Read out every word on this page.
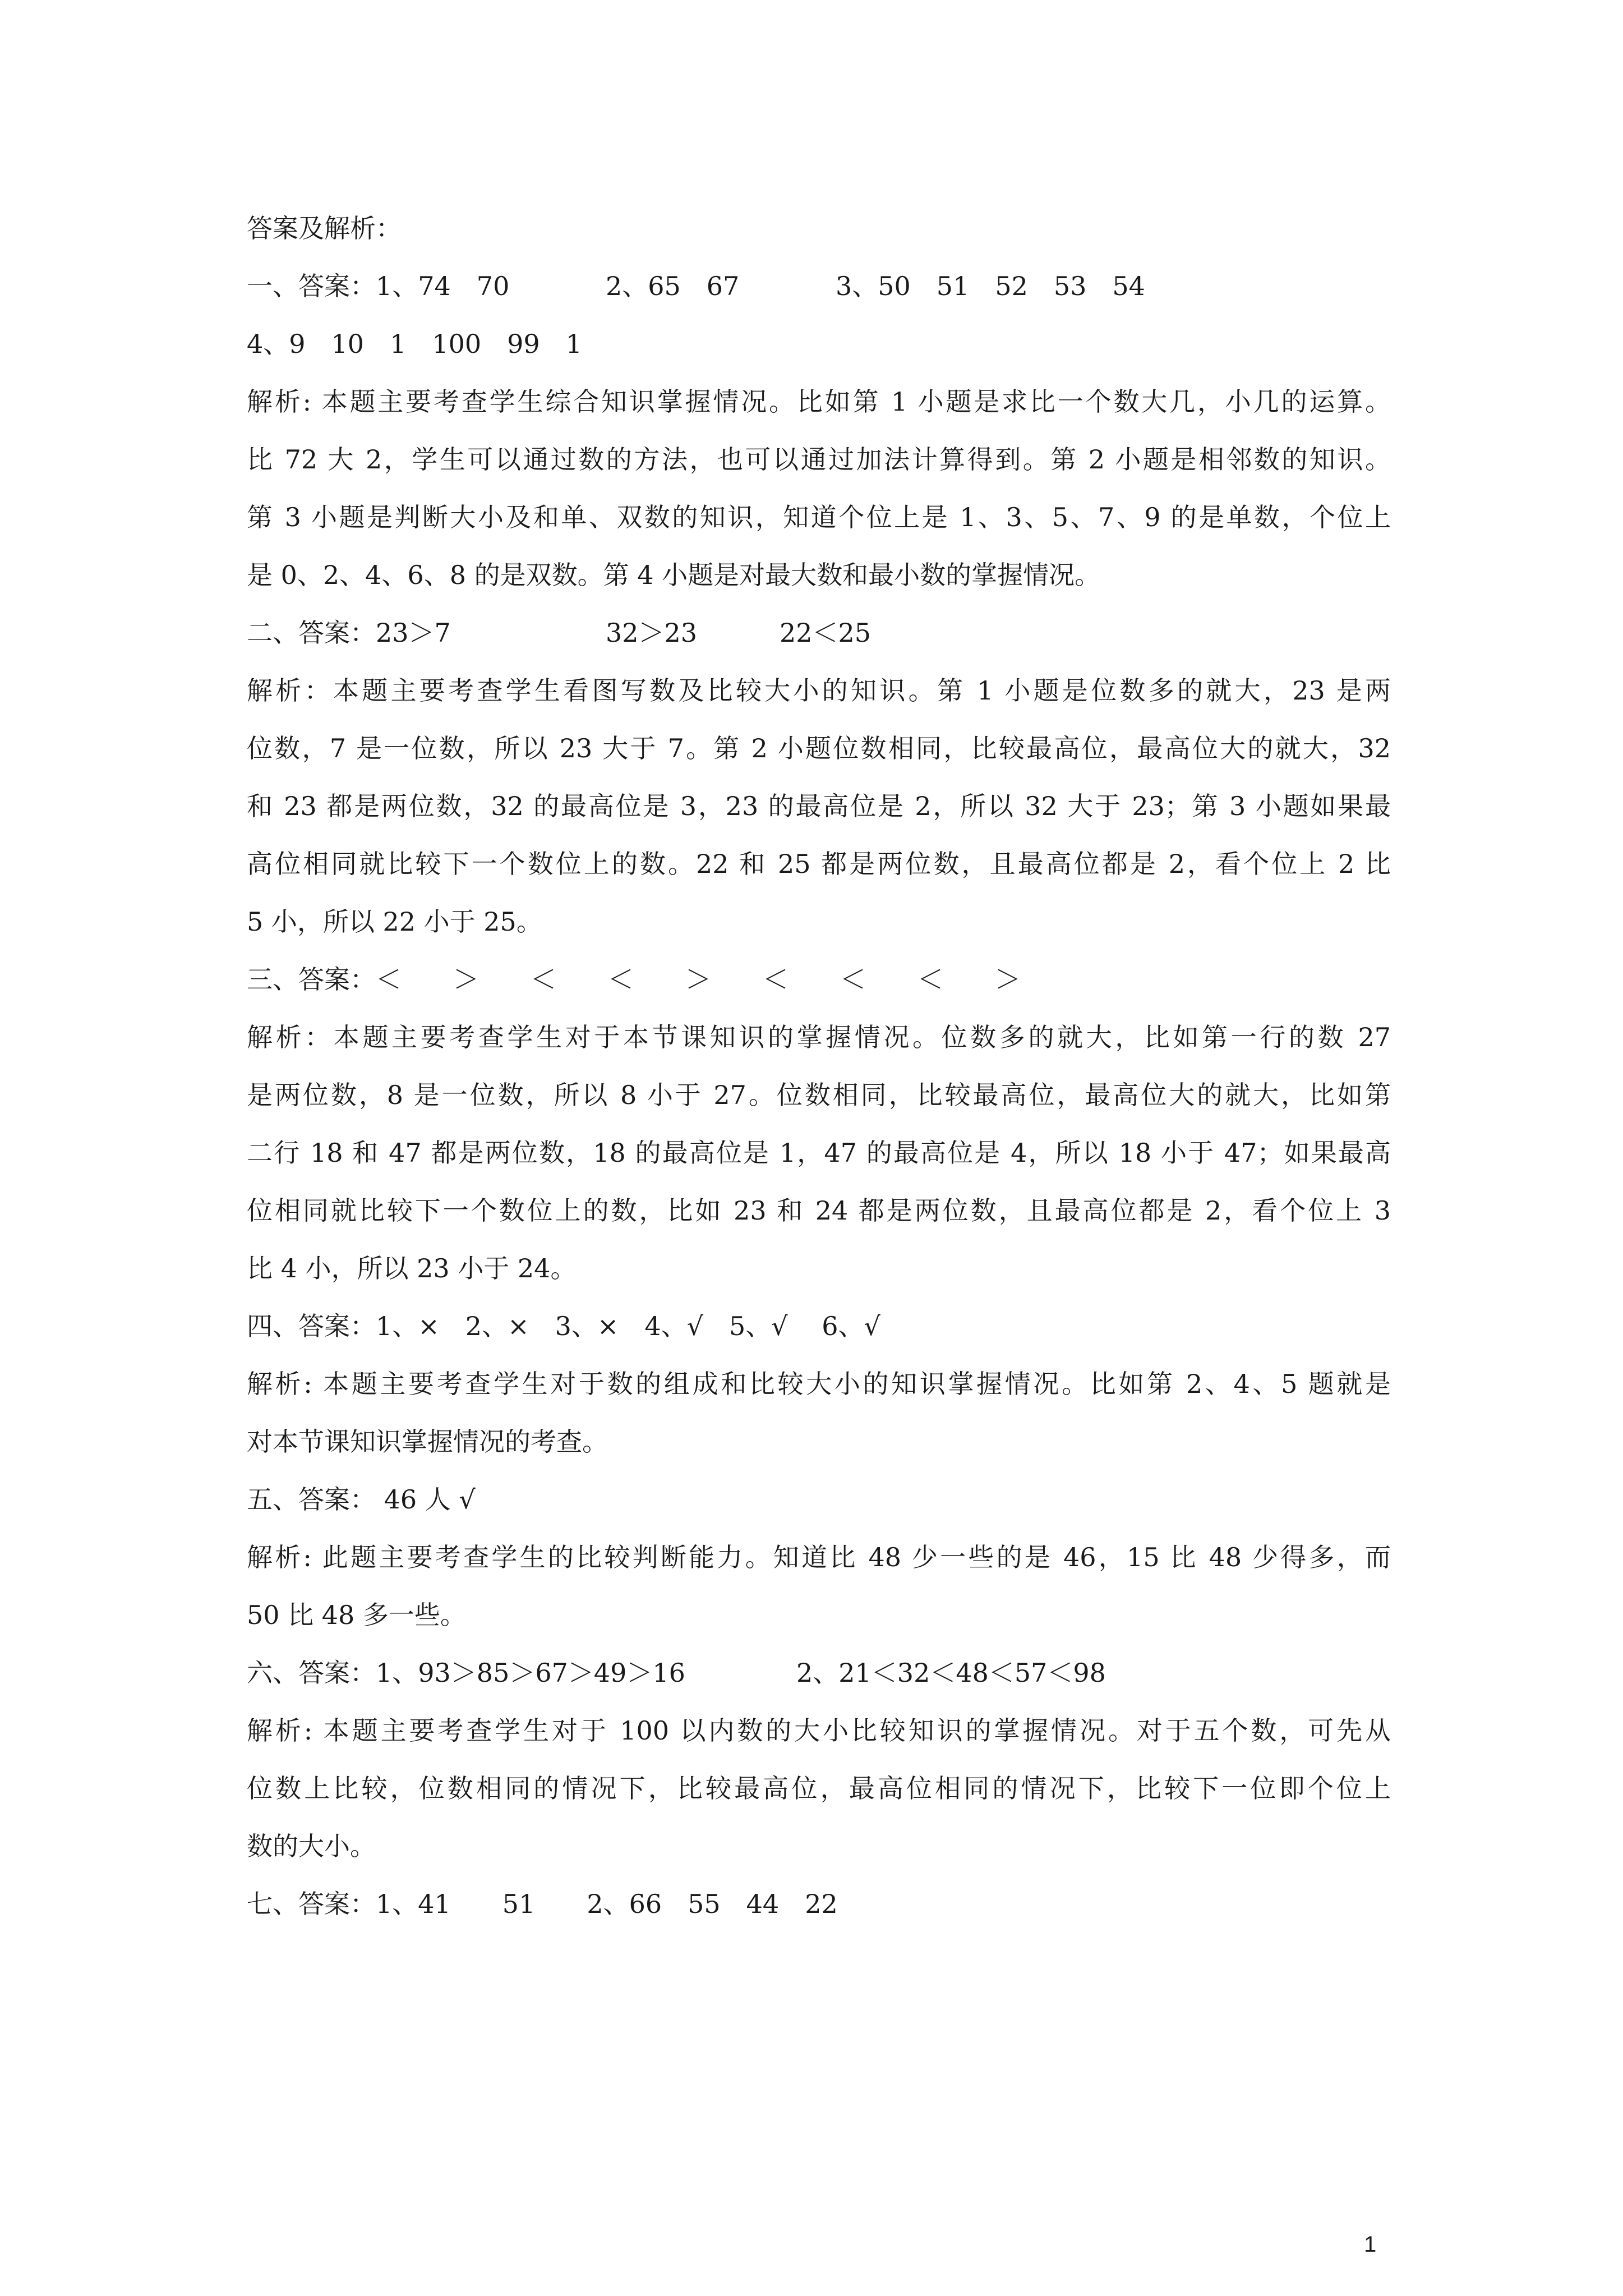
答案及解析：
一、答案：1、74　70	2、65　67	3、50　51　52　53　54
4、9　10　1　100　99　1
解析: 本题主要考查学生综合知识掌握情况。比如第 1 小题是求比一个数大几，小几的运算。
比 72 大 2，学生可以通过数的方法，也可以通过加法计算得到。第 2 小题是相邻数的知识。
第 3 小题是判断大小及和单、双数的知识，知道个位上是 1、3、5、7、9 的是单数，个位上
是 0、2、4、6、8 的是双数。第 4 小题是对最大数和最小数的掌握情况。
二、答案：23＞7	32＞23	22＜25
解析：本题主要考查学生看图写数及比较大小的知识。第 1 小题是位数多的就大，23 是两
位数，7 是一位数，所以 23 大于 7。第 2 小题位数相同，比较最高位，最高位大的就大，32
和 23 都是两位数，32 的最高位是 3，23 的最高位是 2，所以 32 大于 23；第 3 小题如果最
高位相同就比较下一个数位上的数。22 和 25 都是两位数，且最高位都是 2，看个位上 2 比
5 小，所以 22 小于 25。
三、答案：＜　　＞　　＜　　＜　　＞　　＜　　＜　　＜　　＞
解析：本题主要考查学生对于本节课知识的掌握情况。位数多的就大，比如第一行的数 27
是两位数，8 是一位数，所以 8 小于 27。位数相同，比较最高位，最高位大的就大，比如第
二行 18 和 47 都是两位数，18 的最高位是 1，47 的最高位是 4，所以 18 小于 47；如果最高
位相同就比较下一个数位上的数，比如 23 和 24 都是两位数，且最高位都是 2，看个位上 3
比 4 小，所以 23 小于 24。
四、答案：1、×　2、×　3、×　4、√　5、√　 6、√
解析: 本题主要考查学生对于数的组成和比较大小的知识掌握情况。比如第 2、4、5 题就是
对本节课知识掌握情况的考查。
五、答案： 46 人 √
解析: 此题主要考查学生的比较判断能力。知道比 48 少一些的是 46，15 比 48 少得多，而
50 比 48 多一些。
六、答案：1、93＞85＞67＞49＞16	2、21＜32＜48＜57＜98
解析: 本题主要考查学生对于 100 以内数的大小比较知识的掌握情况。对于五个数，可先从
位数上比较，位数相同的情况下，比较最高位，最高位相同的情况下，比较下一位即个位上
数的大小。
七、答案：1、41　　51　　2、66　55　44　22
1
